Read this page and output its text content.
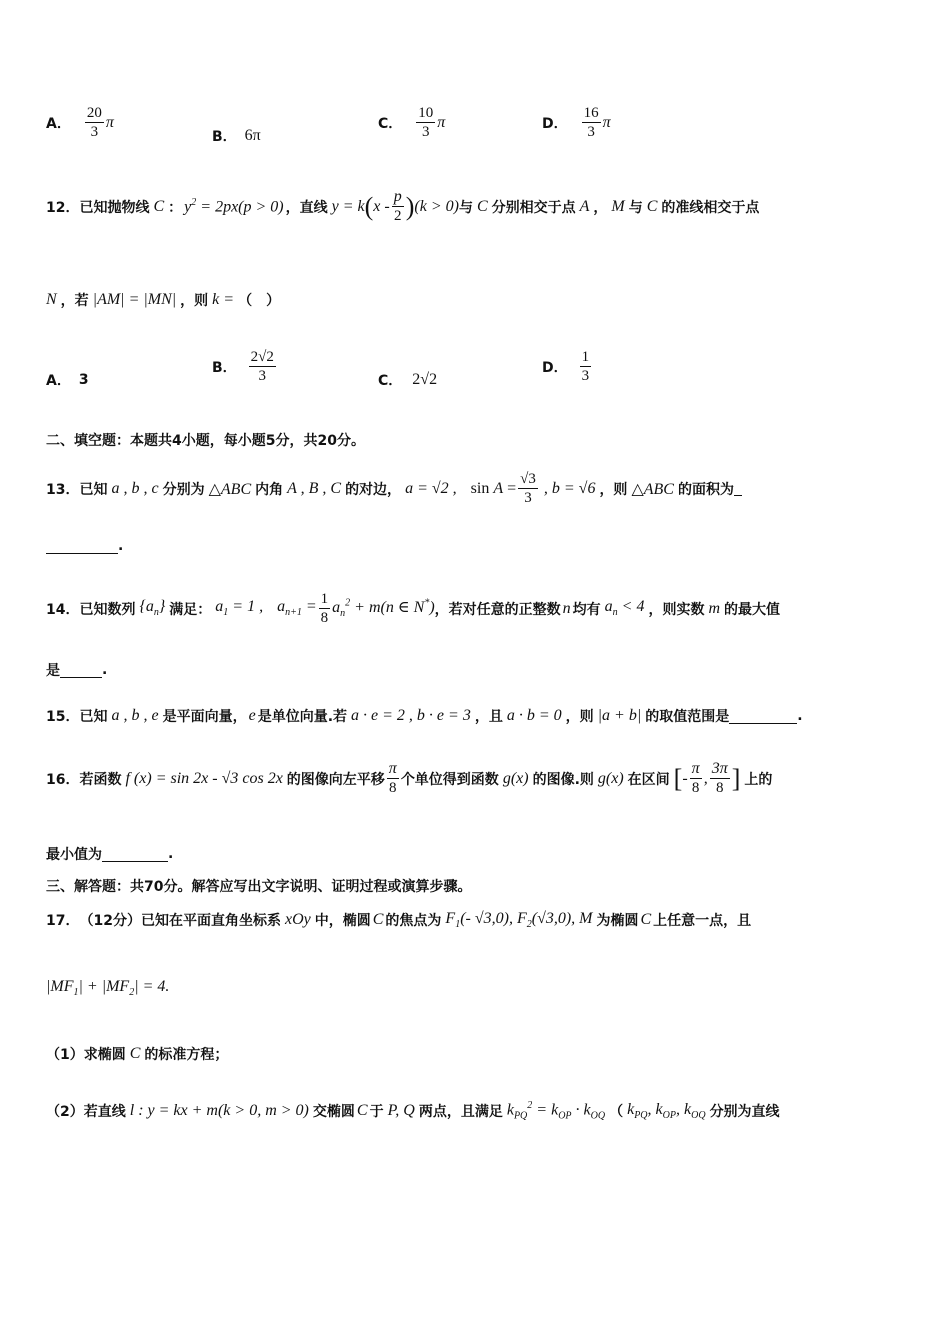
A． $\frac{20}{3}$ π
B． 6π
C． $\frac{10}{3}$ π	D． $\frac{16}{3}$ π
12． 已知抛物线 C ： $y^2 = 2px(p > 0)$ ，直线 y = k ( x - $\frac{p}{2}$ ) (k > 0) 与 C 分别相交于点 A ， M 与 C 的准线相交于点
N ，若 |AM| = |MN| ，则 k = （　）
A． 3
B． $\frac{2√2}{3}$	C． 2√2
D． $\frac{1}{3}$
二、填空题：本题共4小题，每小题5分，共20分。
13． 已知 a , b , c 分别为 △ABC 内角 A , B , C 的对边， a = √2 , $\sin A = \frac{√3}{3}$ , b = √6 ，则 △ABC 的面积为
.
14． 已知数列 $\{a_n\}$ 满足： $a_1 = 1$ , $a_{n+1} = \frac{1}{8} a_n^2 + m(n$ ∈ N*) ，若对任意的正整数 n 均有 $a_n < 4$ ，则实数 m 的最大值
是	.
15． 已知 a , b , e 是平面向量， e 是单位向量.若 a · e = 2 , b · e = 3 ，且 a · b = 0 ，则 |a + b| 的取值范围是	.
16． 若函数 f (x) = sin 2x - √3 cos 2x 的图像向左平移 $\frac{\pi}{8}$ 个单位得到函数 g(x) 的图像.则 g(x) 在区间 [ - $\frac{\pi}{8}$ , $\frac{3\pi}{8}$ ] 上的
最小值为	.
三、解答题：共70分。解答应写出文字说明、证明过程或演算步骤。
17． （12分） 已知在平面直角坐标系 xOy 中，椭圆 C 的焦点为 $F_1(-$ √3,0), $F_2(√3,0)$, M 为椭圆 C 上任意一点，且
$|MF_1| + |MF_2| = 4$.
（1）求椭圆 C 的标准方程；
（2）若直线 l : y = kx + m(k > 0, m > 0) 交椭圆 C 于 P, Q 两点，且满足 $k_{PQ}^2 = k_{OP} \cdot k_{OQ}$ （ $k_{PQ}$, $k_{OP}$, $k_{OQ}$ 分别为直线
